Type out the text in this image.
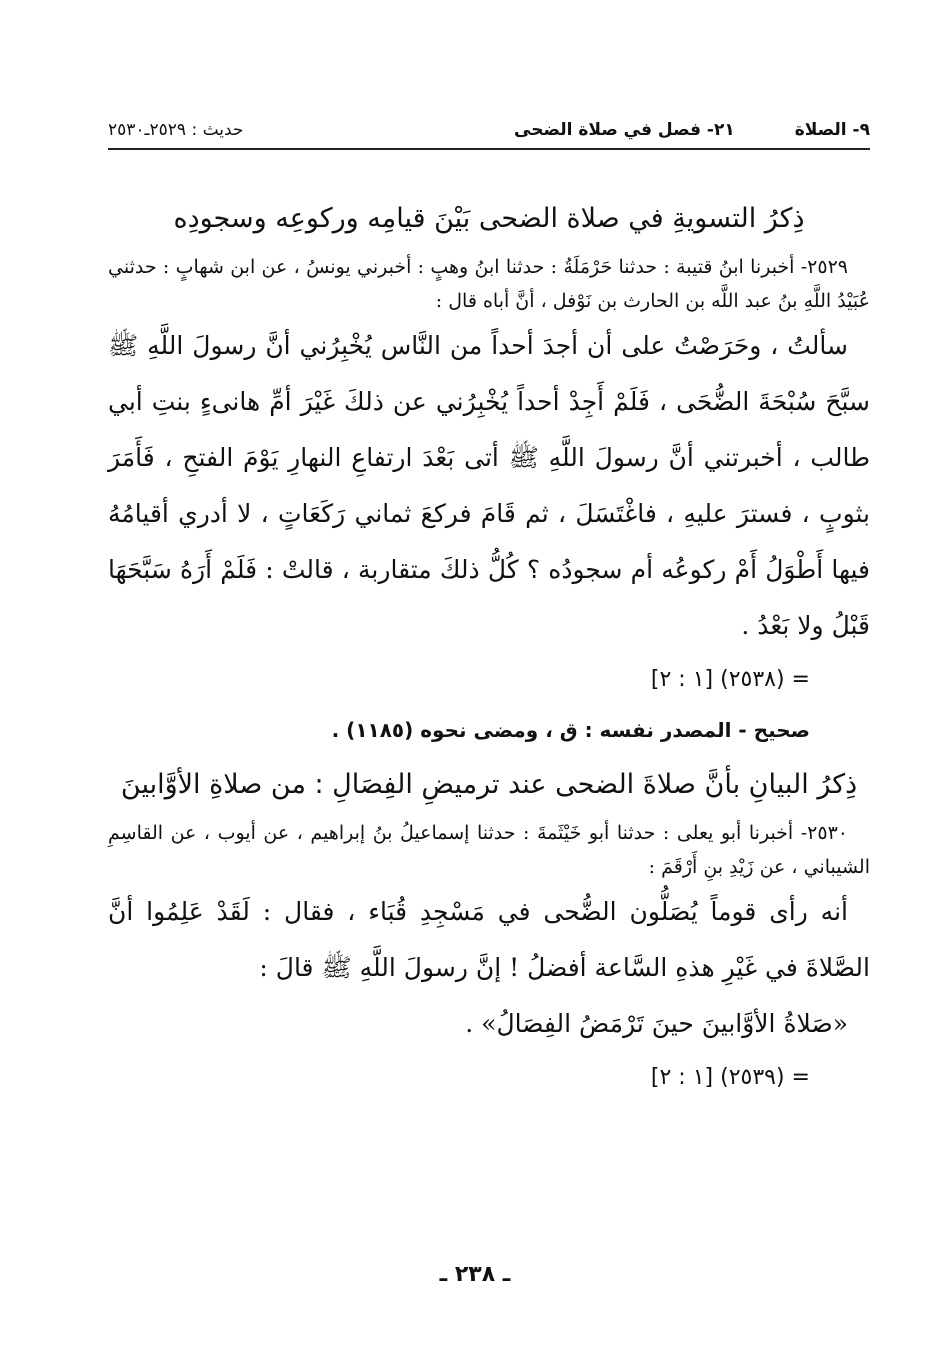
٩- الصلاة
٢١- فصل في صلاة الضحى
حديث : ٢٥٢٩ـ٢٥٣٠

ذِكرُ التسويةِ في صلاة الضحى بَيْنَ قيامِه وركوعِه وسجودِه

٢٥٢٩- أخبرنا ابنُ قتيبة : حدثنا حَرْمَلَةُ : حدثنا ابنُ وهبٍ : أخبرني يونسُ ، عن ابن شهابٍ : حدثني عُبَيْدُ اللَّهِ بنُ عبد اللَّه بن الحارث بن نَوْفل ، أنَّ أباه قال :

سألتُ ، وحَرَصْتُ على أن أجدَ أحداً من النَّاس يُخْبِرُني أنَّ رسولَ اللَّهِ ﷺ سبَّحَ سُبْحَةَ الضُّحَى ، فَلَمْ أَجِدْ أحداً يُخْبِرُني عن ذلكَ غَيْرَ أمِّ هانىءٍ بنتِ أبي طالب ، أخبرتني أنَّ رسولَ اللَّهِ ﷺ أتى بَعْدَ ارتفاعِ النهارِ يَوْمَ الفتحِ ، فَأَمَرَ بثوبٍ ، فسترَ عليهِ ، فاغْتَسَلَ ، ثم قَامَ فركعَ ثماني رَكَعَاتٍ ، لا أدري أقيامُهُ فيها أَطْوَلُ أَمْ ركوعُه أم سجودُه ؟ كُلُّ ذلكَ متقاربة ، قالتْ : فَلَمْ أَرَهُ سَبَّحَهَا قَبْلُ ولا بَعْدُ .

= (٢٥٣٨) [١ : ٢]

صحيح - المصدر نفسه : ق ، ومضى نحوه (١١٨٥) .

ذِكرُ البيانِ بأنَّ صلاةَ الضحى عند ترميضِ الفِصَالِ : من صلاةِ الأوَّابينَ

٢٥٣٠- أخبرنا أبو يعلى : حدثنا أبو خَيْثَمةَ : حدثنا إسماعيلُ بنُ إبراهيم ، عن أيوب ، عن القاسِمِ الشيباني ، عن زَيْدِ بنِ أَرْقَمَ :

أنه رأى قوماً يُصَلُّون الضُّحى في مَسْجِدِ قُبَاء ، فقال : لَقَدْ عَلِمُوا أنَّ الصَّلاةَ في غَيْرِ هذهِ السَّاعة أفضلُ ! إنَّ رسولَ اللَّهِ ﷺ قالَ :

«صَلاةُ الأوَّابينَ حينَ تَرْمَضُ الفِصَالُ» .

= (٢٥٣٩) [١ : ٢]

ـ ٢٣٨ ـ
